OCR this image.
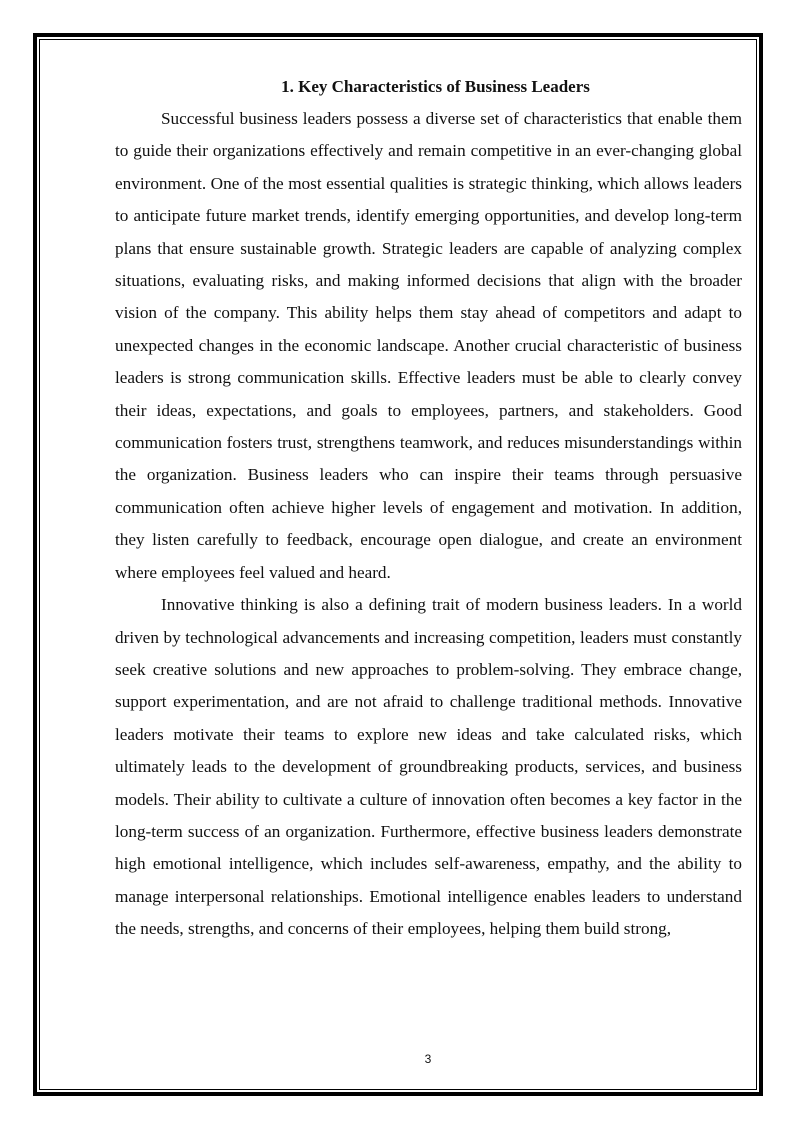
1. Key Characteristics of Business Leaders

Successful business leaders possess a diverse set of characteristics that enable them to guide their organizations effectively and remain competitive in an ever-changing global environment. One of the most essential qualities is strategic thinking, which allows leaders to anticipate future market trends, identify emerging opportunities, and develop long-term plans that ensure sustainable growth. Strategic leaders are capable of analyzing complex situations, evaluating risks, and making informed decisions that align with the broader vision of the company. This ability helps them stay ahead of competitors and adapt to unexpected changes in the economic landscape. Another crucial characteristic of business leaders is strong communication skills. Effective leaders must be able to clearly convey their ideas, expectations, and goals to employees, partners, and stakeholders. Good communication fosters trust, strengthens teamwork, and reduces misunderstandings within the organization. Business leaders who can inspire their teams through persuasive communication often achieve higher levels of engagement and motivation. In addition, they listen carefully to feedback, encourage open dialogue, and create an environment where employees feel valued and heard.

Innovative thinking is also a defining trait of modern business leaders. In a world driven by technological advancements and increasing competition, leaders must constantly seek creative solutions and new approaches to problem-solving. They embrace change, support experimentation, and are not afraid to challenge traditional methods. Innovative leaders motivate their teams to explore new ideas and take calculated risks, which ultimately leads to the development of groundbreaking products, services, and business models. Their ability to cultivate a culture of innovation often becomes a key factor in the long-term success of an organization. Furthermore, effective business leaders demonstrate high emotional intelligence, which includes self-awareness, empathy, and the ability to manage interpersonal relationships. Emotional intelligence enables leaders to understand the needs, strengths, and concerns of their employees, helping them build strong,

3
